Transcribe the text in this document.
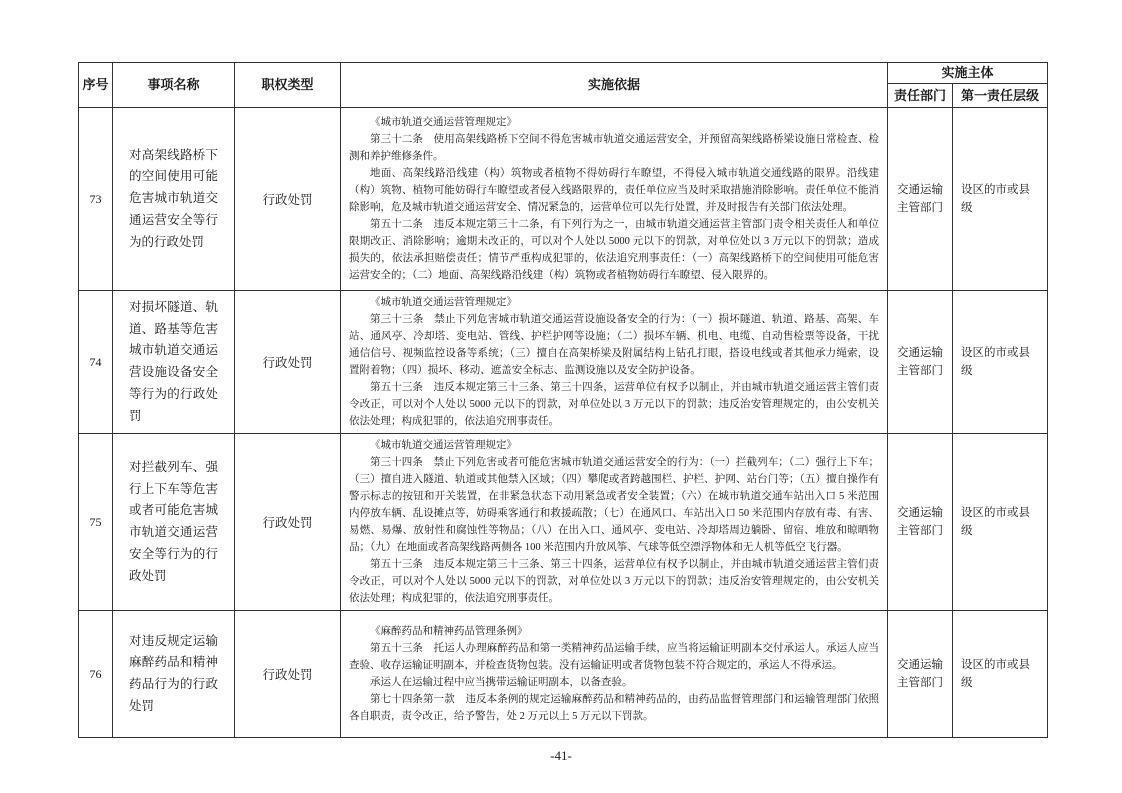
序号	事项名称	职权类型	实施依据	实施主体	
				责任部门	第一责任层级
73	对高架线路桥下的空间使用可能危害城市轨道交通运营安全等行为的行政处罚	行政处罚	《城市轨道交通运营管理规定》

第三十二条　使用高架线路桥下空间不得危害城市轨道交通运营安全，并预留高架线路桥梁设施日常检查、检测和养护维修条件。

地面、高架线路沿线建（构）筑物或者植物不得妨碍行车瞭望，不得侵入城市轨道交通线路的限界。沿线建（构）筑物、植物可能妨碍行车瞭望或者侵入线路限界的，责任单位应当及时采取措施消除影响。责任单位不能消除影响，危及城市轨道交通运营安全、情况紧急的，运营单位可以先行处置，并及时报告有关部门依法处理。

第五十二条　违反本规定第三十二条，有下列行为之一，由城市轨道交通运营主管部门责令相关责任人和单位限期改正、消除影响；逾期未改正的，可以对个人处以 5000 元以下的罚款，对单位处以 3 万元以下的罚款；造成损失的，依法承担赔偿责任；情节严重构成犯罪的，依法追究刑事责任：（一）高架线路桥下的空间使用可能危害运营安全的；（二）地面、高架线路沿线建（构）筑物或者植物妨碍行车瞭望、侵入限界的。	交通运输主管部门	设区的市或县级
74	对损坏隧道、轨道、路基等危害城市轨道交通运营设施设备安全等行为的行政处罚	行政处罚	《城市轨道交通运营管理规定》

第三十三条　禁止下列危害城市轨道交通运营设施设备安全的行为：（一）损坏隧道、轨道、路基、高架、车站、通风亭、冷却塔、变电站、管线、护栏护网等设施；（二）损坏车辆、机电、电缆、自动售检票等设备，干扰通信信号、视频监控设备等系统；（三）擅自在高架桥梁及附属结构上钻孔打眼，搭设电线或者其他承力绳索，设置附着物；（四）损坏、移动、遮盖安全标志、监测设施以及安全防护设备。

第五十三条　违反本规定第三十三条、第三十四条，运营单位有权予以制止，并由城市轨道交通运营主管们责令改正，可以对个人处以 5000 元以下的罚款，对单位处以 3 万元以下的罚款；违反治安管理规定的，由公安机关依法处理；构成犯罪的，依法追究刑事责任。	交通运输主管部门	设区的市或县级
75	对拦截列车、强行上下车等危害或者可能危害城市轨道交通运营安全等行为的行政处罚	行政处罚	《城市轨道交通运营管理规定》

第三十四条　禁止下列危害或者可能危害城市轨道交通运营安全的行为：（一）拦截列车；（二）强行上下车；（三）擅自进入隧道、轨道或其他禁入区域；（四）攀爬或者跨越围栏、护栏、护网、站台门等；（五）擅自操作有警示标志的按钮和开关装置，在非紧急状态下动用紧急或者安全装置；（六）在城市轨道交通车站出入口 5 米范围内停放车辆、乱设摊点等，妨碍乘客通行和救援疏散；（七）在通风口、车站出入口 50 米范围内存放有毒、有害、易燃、易爆、放射性和腐蚀性等物品；（八）在出入口、通风亭、变电站、冷却塔周边躺卧、留宿、堆放和晾晒物品；（九）在地面或者高架线路两侧各 100 米范围内升放风筝、气球等低空漂浮物体和无人机等低空飞行器。

第五十三条　违反本规定第三十三条、第三十四条，运营单位有权予以制止，并由城市轨道交通运营主管们责令改正，可以对个人处以 5000 元以下的罚款，对单位处以 3 万元以下的罚款；违反治安管理规定的，由公安机关依法处理；构成犯罪的，依法追究刑事责任。	交通运输主管部门	设区的市或县级
76	对违反规定运输麻醉药品和精神药品行为的行政处罚	行政处罚	《麻醉药品和精神药品管理条例》

第五十三条　托运人办理麻醉药品和第一类精神药品运输手续，应当将运输证明副本交付承运人。承运人应当查验、收存运输证明副本，并检查货物包装。没有运输证明或者货物包装不符合规定的，承运人不得承运。

承运人在运输过程中应当携带运输证明副本，以备查验。

第七十四条第一款　违反本条例的规定运输麻醉药品和精神药品的，由药品监督管理部门和运输管理部门依照各自职责，责令改正，给予警告，处 2 万元以上 5 万元以下罚款。	交通运输主管部门	设区的市或县级
-41-
